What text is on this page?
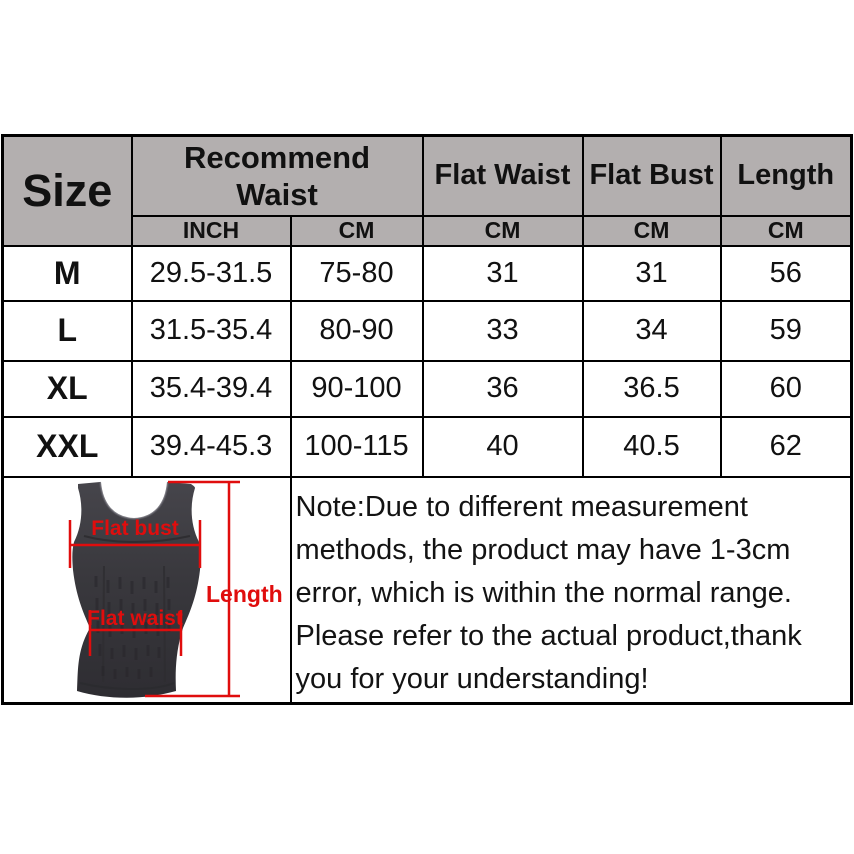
Size	Recommend Waist		Flat Waist	Flat Bust	Length
	INCH	CM	CM	CM	CM
M	29.5-31.5	75-80	31	31	56
L	31.5-35.4	80-90	33	34	59
XL	35.4-39.4	90-100	36	36.5	60
XXL	39.4-45.3	100-115	40	40.5	62

Flat bust
Flat waist
Length

Note:Due to different measurement
methods, the product may have 1-3cm
error, which is within the normal range.
Please refer to the actual product,thank
you for your understanding!
